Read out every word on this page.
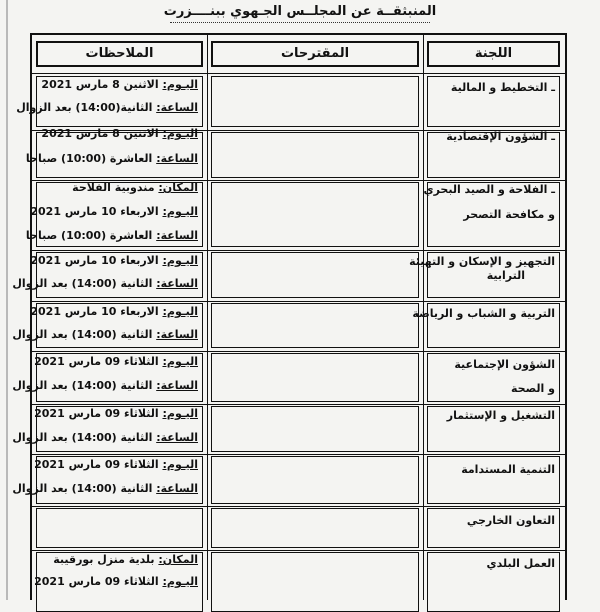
المنبثقــة عن المجلــس الجـهوي ببنــــزرت
اللجنة
المقترحات
الملاحظات
ـ التخطيط و المالية
اليـوم: الاثنين 8 مارس 2021
الساعة: الثانية(14:00) بعد الزوال
ـ الشؤون الإقتصادية
اليـوم: الاثنين 8 مارس 2021
الساعة: العاشرة (10:00) صباحا
ـ الفلاحة و الصيد البحري
و مكافحة التصحر
المكان: مندوبية الفلاحة
اليـوم: الاربعاء 10 مارس 2021
الساعة: العاشرة (10:00) صباحا
التجهيز و الإسكان و التهيئة
الترابية
اليـوم: الاربعاء 10 مارس 2021
الساعة: الثانية (14:00) بعد الزوال
التربية و الشباب و الرياضة
اليـوم: الاربعاء 10 مارس 2021
الساعة: الثانية (14:00) بعد الزوال
الشؤون الإجتماعية
و الصحة
اليـوم: الثلاثاء 09 مارس 2021
الساعة: الثانية (14:00) بعد الزوال
التشغيل و الإستثمار
اليـوم: الثلاثاء 09 مارس 2021
الساعة: الثانية (14:00) بعد الزوال
التنمية المستدامة
اليـوم: الثلاثاء 09 مارس 2021
الساعة: الثانية (14:00) بعد الزوال
التعاون الخارجي
العمل البلدي
المكان: بلدية منزل بورقيبة
اليـوم: الثلاثاء 09 مارس 2021
